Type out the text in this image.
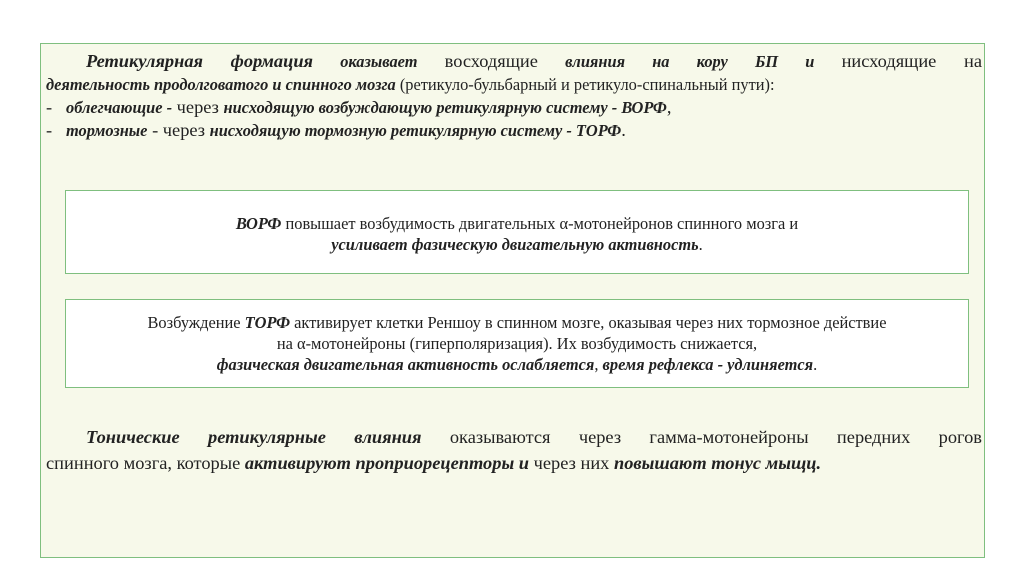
Ретикулярная формация оказывает восходящие влияния на кору БП и нисходящие на
деятельность продолговатого и спинного мозга (ретикуло-бульбарный и ретикуло-спинальный пути):
- облегчающие - через нисходящую возбуждающую ретикулярную систему - ВОРФ,
- тормозные - через нисходящую тормозную ретикулярную систему - ТОРФ.
ВОРФ повышает возбудимость двигательных α-мотонейронов спинного мозга и
усиливает фазическую двигательную активность.
Возбуждение ТОРФ активирует клетки Реншоу в спинном мозге, оказывая через них тормозное действие
на α-мотонейроны (гиперполяризация). Их возбудимость снижается,
фазическая двигательная активность ослабляется, время рефлекса - удлиняется.
Тонические ретикулярные влияния оказываются через гамма-мотонейроны передних рогов
спинного мозга, которые активируют проприорецепторы и через них повышают тонус мыщц.
